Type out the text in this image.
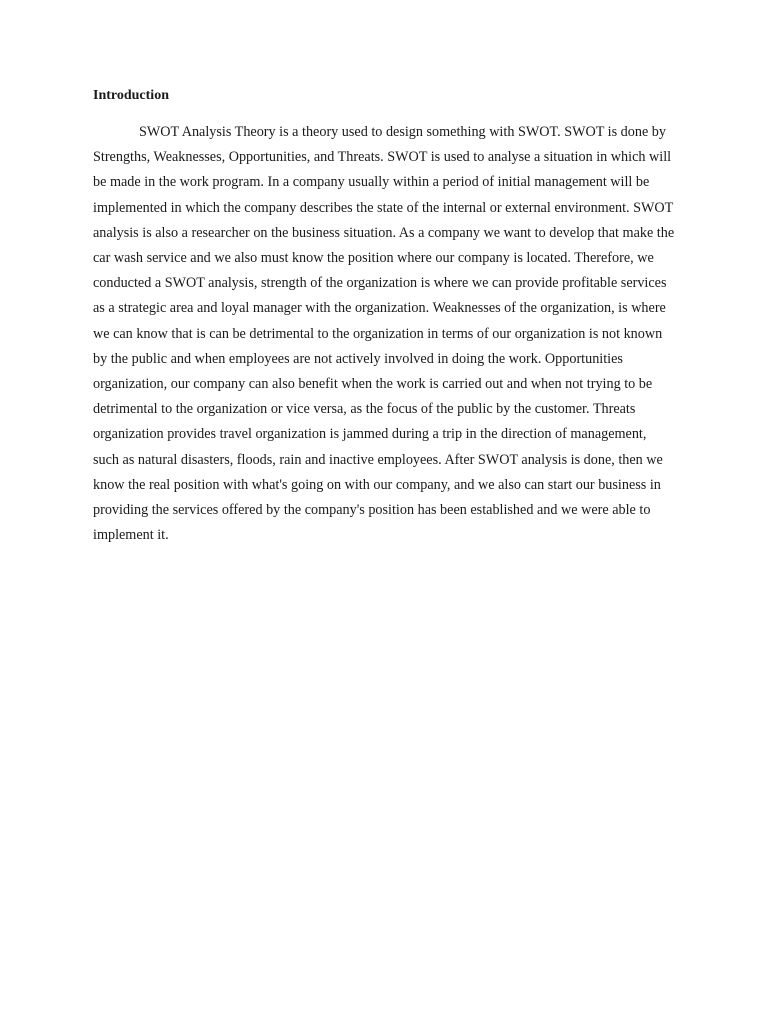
Introduction

SWOT Analysis Theory is a theory used to design something with SWOT. SWOT is done by Strengths, Weaknesses, Opportunities, and Threats. SWOT is used to analyse a situation in which will be made in the work program. In a company usually within a period of initial management will be implemented in which the company describes the state of the internal or external environment. SWOT analysis is also a researcher on the business situation. As a company we want to develop that make the car wash service and we also must know the position where our company is located. Therefore, we conducted a SWOT analysis, strength of the organization is where we can provide profitable services as a strategic area and loyal manager with the organization. Weaknesses of the organization, is where we can know that is can be detrimental to the organization in terms of our organization is not known by the public and when employees are not actively involved in doing the work. Opportunities organization, our company can also benefit when the work is carried out and when not trying to be detrimental to the organization or vice versa, as the focus of the public by the customer. Threats organization provides travel organization is jammed during a trip in the direction of management, such as natural disasters, floods, rain and inactive employees. After SWOT analysis is done, then we know the real position with what's going on with our company, and we also can start our business in providing the services offered by the company's position has been established and we were able to implement it.
